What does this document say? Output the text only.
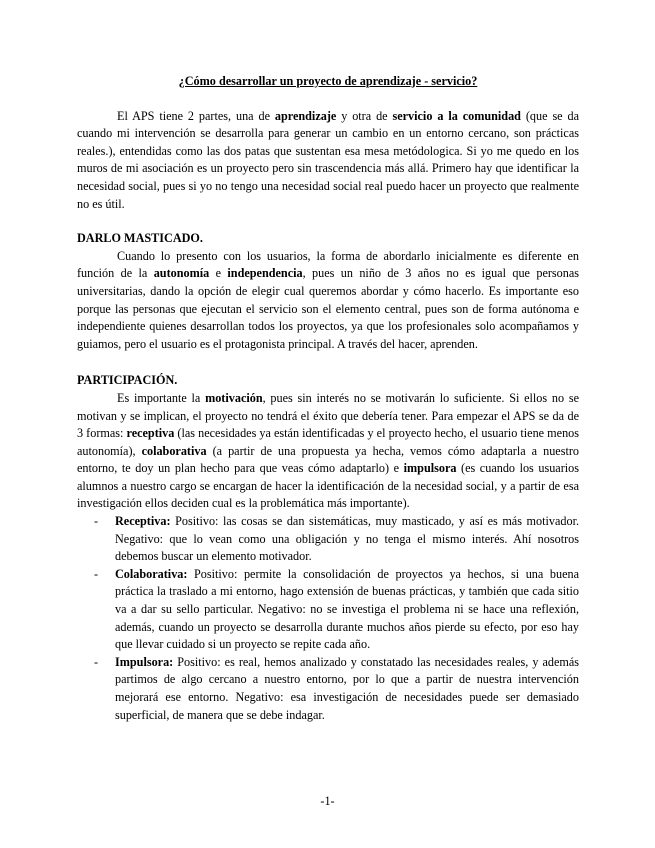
¿Cómo desarrollar un proyecto de aprendizaje - servicio?

El APS tiene 2 partes, una de aprendizaje y otra de servicio a la comunidad (que se da cuando mi intervención se desarrolla para generar un cambio en un entorno cercano, son prácticas reales.), entendidas como las dos patas que sustentan esa mesa metódologica. Si yo me quedo en los muros de mi asociación es un proyecto pero sin trascendencia más allá. Primero hay que identificar la necesidad social, pues si yo no tengo una necesidad social real puedo hacer un proyecto que realmente no es útil.

DARLO MASTICADO.

Cuando lo presento con los usuarios, la forma de abordarlo inicialmente es diferente en función de la autonomía e independencia, pues un niño de 3 años no es igual que personas universitarias, dando la opción de elegir cual queremos abordar y cómo hacerlo. Es importante eso porque las personas que ejecutan el servicio son el elemento central, pues son de forma autónoma e independiente quienes desarrollan todos los proyectos, ya que los profesionales solo acompañamos y guiamos, pero el usuario es el protagonista principal. A través del hacer, aprenden.

PARTICIPACIÓN.

Es importante la motivación, pues sin interés no se motivarán lo suficiente. Si ellos no se motivan y se implican, el proyecto no tendrá el éxito que debería tener. Para empezar el APS se da de 3 formas: receptiva (las necesidades ya están identificadas y el proyecto hecho, el usuario tiene menos autonomía), colaborativa (a partir de una propuesta ya hecha, vemos cómo adaptarla a nuestro entorno, te doy un plan hecho para que veas cómo adaptarlo) e impulsora (es cuando los usuarios alumnos a nuestro cargo se encargan de hacer la identificación de la necesidad social, y a partir de esa investigación ellos deciden cual es la problemática más importante).

- Receptiva: Positivo: las cosas se dan sistemáticas, muy masticado, y así es más motivador. Negativo: que lo vean como una obligación y no tenga el mismo interés. Ahí nosotros debemos buscar un elemento motivador.
- Colaborativa: Positivo: permite la consolidación de proyectos ya hechos, si una buena práctica la traslado a mi entorno, hago extensión de buenas prácticas, y también que cada sitio va a dar su sello particular. Negativo: no se investiga el problema ni se hace una reflexión, además, cuando un proyecto se desarrolla durante muchos años pierde su efecto, por eso hay que llevar cuidado si un proyecto se repite cada año.
- Impulsora: Positivo: es real, hemos analizado y constatado las necesidades reales, y además partimos de algo cercano a nuestro entorno, por lo que a partir de nuestra intervención mejorará ese entorno. Negativo: esa investigación de necesidades puede ser demasiado superficial, de manera que se debe indagar.
-1-
